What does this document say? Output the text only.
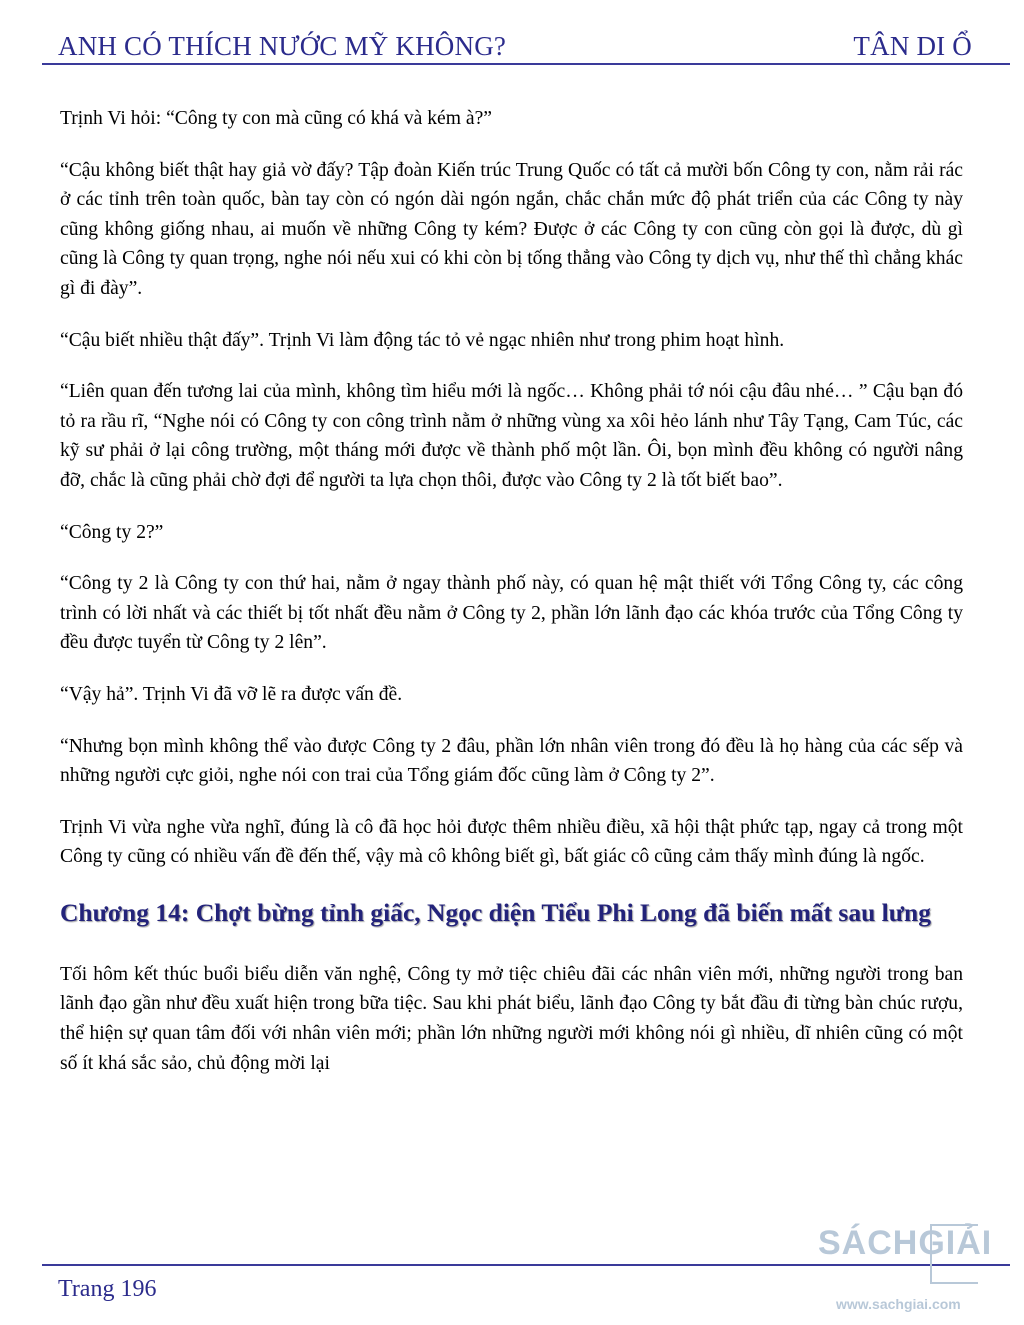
ANH CÓ THÍCH NƯỚC MỸ KHÔNG?	TÂN DI Ổ

Trịnh Vi hỏi: “Công ty con mà cũng có khá và kém à?”

“Cậu không biết thật hay giả vờ đấy? Tập đoàn Kiến trúc Trung Quốc có tất cả mười bốn Công ty con, nằm rải rác ở các tỉnh trên toàn quốc, bàn tay còn có ngón dài ngón ngắn, chắc chắn mức độ phát triển của các Công ty này cũng không giống nhau, ai muốn về những Công ty kém? Được ở các Công ty con cũng còn gọi là được, dù gì cũng là Công ty quan trọng, nghe nói nếu xui có khi còn bị tống thẳng vào Công ty dịch vụ, như thế thì chẳng khác gì đi đày”.

“Cậu biết nhiều thật đấy”. Trịnh Vi làm động tác tỏ vẻ ngạc nhiên như trong phim hoạt hình.

“Liên quan đến tương lai của mình, không tìm hiểu mới là ngốc… Không phải tớ nói cậu đâu nhé… ” Cậu bạn đó tỏ ra rầu rĩ, “Nghe nói có Công ty con công trình nằm ở những vùng xa xôi hẻo lánh như Tây Tạng, Cam Túc, các kỹ sư phải ở lại công trường, một tháng mới được về thành phố một lần. Ôi, bọn mình đều không có người nâng đỡ, chắc là cũng phải chờ đợi để người ta lựa chọn thôi, được vào Công ty 2 là tốt biết bao”.

“Công ty 2?”

“Công ty 2 là Công ty con thứ hai, nằm ở ngay thành phố này, có quan hệ mật thiết với Tổng Công ty, các công trình có lời nhất và các thiết bị tốt nhất đều nằm ở Công ty 2, phần lớn lãnh đạo các khóa trước của Tổng Công ty đều được tuyển từ Công ty 2 lên”.

“Vậy hả”. Trịnh Vi đã vỡ lẽ ra được vấn đề.

“Nhưng bọn mình không thể vào được Công ty 2 đâu, phần lớn nhân viên trong đó đều là họ hàng của các sếp và những người cực giỏi, nghe nói con trai của Tổng giám đốc cũng làm ở Công ty 2”.

Trịnh Vi vừa nghe vừa nghĩ, đúng là cô đã học hỏi được thêm nhiều điều, xã hội thật phức tạp, ngay cả trong một Công ty cũng có nhiều vấn đề đến thế, vậy mà cô không biết gì, bất giác cô cũng cảm thấy mình đúng là ngốc.

Chương 14: Chợt bừng tỉnh giấc, Ngọc diện Tiểu Phi Long đã biến mất sau lưng

Tối hôm kết thúc buổi biểu diễn văn nghệ, Công ty mở tiệc chiêu đãi các nhân viên mới, những người trong ban lãnh đạo gần như đều xuất hiện trong bữa tiệc. Sau khi phát biểu, lãnh đạo Công ty bắt đầu đi từng bàn chúc rượu, thể hiện sự quan tâm đối với nhân viên mới; phần lớn những người mới không nói gì nhiều, dĩ nhiên cũng có một số ít khá sắc sảo, chủ động mời lại

Trang 196
SÁCHGIẢI
www.sachgiai.com
